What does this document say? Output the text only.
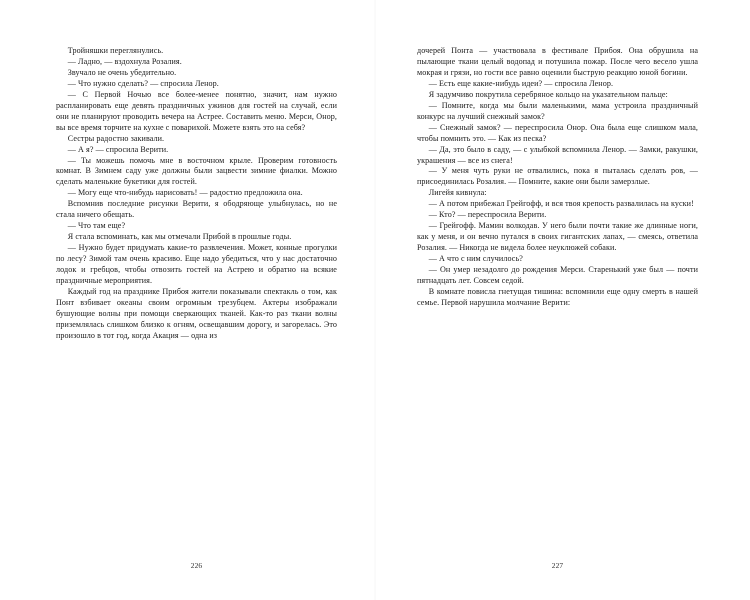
Тройняшки переглянулись.

— Ладно, — вздохнула Розалия.

Звучало не очень убедительно.

— Что нужно сделать? — спросила Ленор.

— С Первой Ночью все более-менее понятно, значит, нам нужно распланировать еще девять праздничных ужинов для гостей на случай, если они не планируют проводить вечера на Астрее. Составить меню. Мерси, Онор, вы все время торчите на кухне с поварихой. Можете взять это на себя?

Сестры радостно закивали.

— А я? — спросила Верити.

— Ты можешь помочь мне в восточном крыле. Проверим готовность комнат. В Зимнем саду уже должны были зацвести зимние фиалки. Можно сделать маленькие букетики для гостей.

— Могу еще что-нибудь нарисовать! — радостно предложила она.

Вспомнив последние рисунки Верити, я ободряюще улыбнулась, но не стала ничего обещать.

— Что там еще?

Я стала вспоминать, как мы отмечали Прибой в прошлые годы.

— Нужно будет придумать какие-то развлечения. Может, конные прогулки по лесу? Зимой там очень красиво. Еще надо убедиться, что у нас достаточно лодок и гребцов, чтобы отвозить гостей на Астрею и обратно на всякие праздничные мероприятия.

Каждый год на празднике Прибоя жители показывали спектакль о том, как Понт взбивает океаны своим огромным трезубцем. Актеры изображали бушующие волны при помощи сверкающих тканей. Как-то раз ткани волны приземлялась слишком близко к огням, освещавшим дорогу, и загорелась. Это произошло в тот год, когда Акация — одна из

226

дочерей Понта — участвовала в фестивале Прибоя. Она обрушила на пылающие ткани целый водопад и потушила пожар. После чего весело ушла мокрая и грязи, но гости все равно оценили быструю реакцию юной богини.

— Есть еще какие-нибудь идеи? — спросила Ленор.

Я задумчиво покрутила серебряное кольцо на указательном пальце:

— Помните, когда мы были маленькими, мама устроила праздничный конкурс на лучший снежный замок?

— Снежный замок? — переспросила Онор. Она была еще слишком мала, чтобы помнить это. — Как из песка?

— Да, это было в саду, — с улыбкой вспомнила Ленор. — Замки, ракушки, украшения — все из снега!

— У меня чуть руки не отвалились, пока я пыталась сделать ров, — присоединилась Розалия. — Помните, какие они были замерзлые.

Лигейя кивнула:

— А потом прибежал Грейгофф, и вся твоя крепость развалилась на куски!

— Кто? — переспросила Верити.

— Грейгофф. Мамин волкодав. У него были почти такие же длинные ноги, как у меня, и он вечно путался в своих гигантских лапах, — смеясь, ответила Розалия. — Никогда не видела более неуклюжей собаки.

— А что с ним случилось?

— Он умер незадолго до рождения Мерси. Старенький уже был — почти пятнадцать лет. Совсем седой.

В комнате повисла гнетущая тишина: вспомнили еще одну смерть в нашей семье. Первой нарушила молчание Верити:

227
